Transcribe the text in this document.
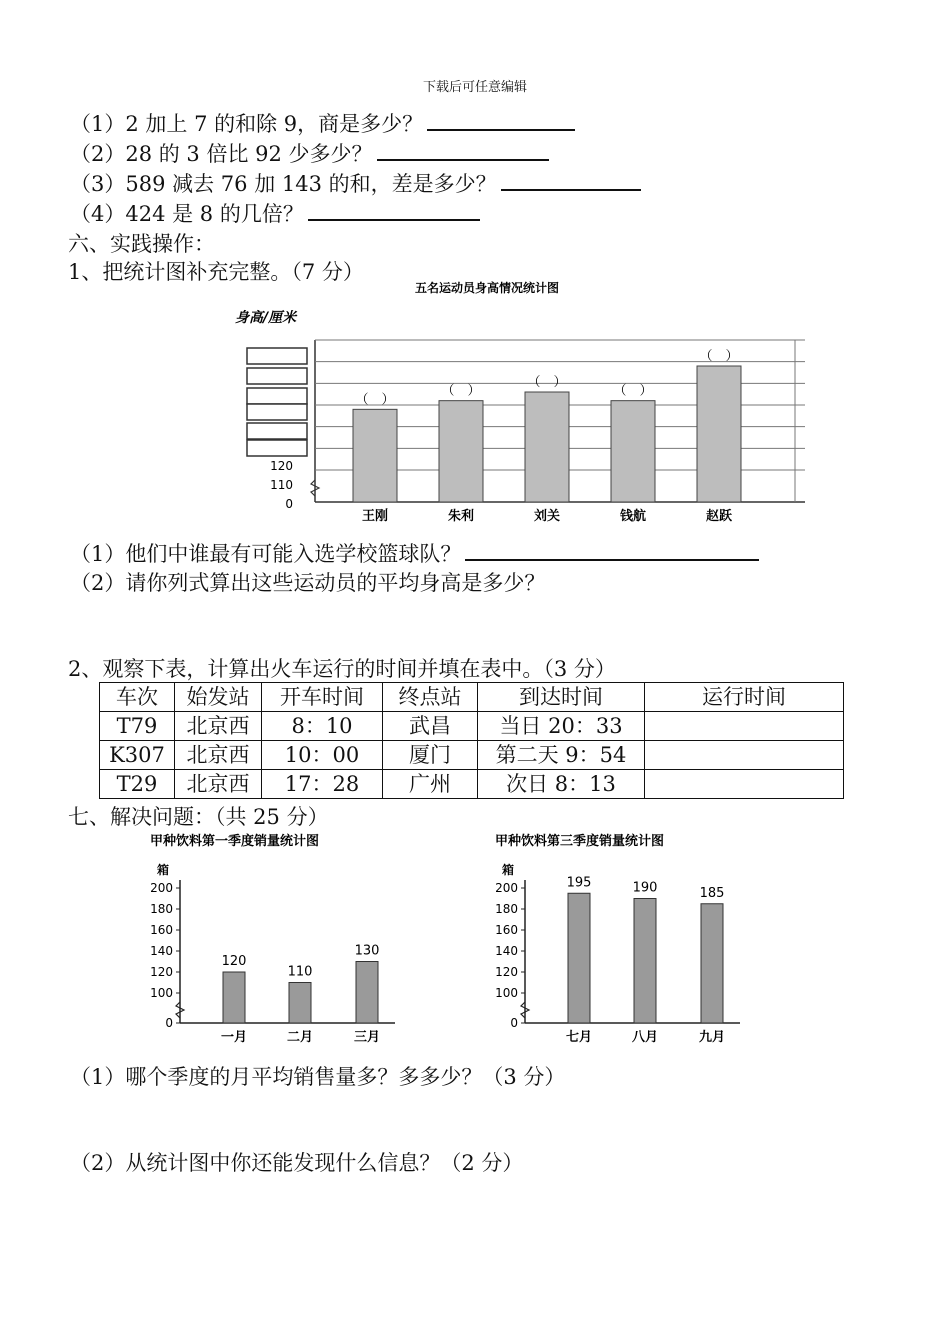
下载后可任意编辑
（1）2 加上 7 的和除 9，商是多少？
（2）28 的 3 倍比 92 少多少？
（3）589 减去 76 加 143 的和，差是多少？
（4）424 是 8 的几倍？
六、实践操作：
1、把统计图补充完整。（7 分）
五名运动员身高情况统计图
身高/厘米
120
110
0
（　）
王刚
（　）
朱利
（　）
刘关
（　）
钱航
（　）
赵跃
（1）他们中谁最有可能入选学校篮球队？
（2）请你列式算出这些运动员的平均身高是多少？
2、观察下表，计算出火车运行的时间并填在表中。（3 分）
车次	始发站	开车时间	终点站	到达时间	运行时间
T79	北京西	8：10	武昌	当日 20：33	
K307	北京西	10：00	厦门	第二天 9：54	
T29	北京西	17：28	广州	次日 8：13	
七、解决问题：（共 25 分）
甲种饮料第一季度销量统计图
箱
0
100
120
140
160
180
200
120
一月
110
二月
130
三月
甲种饮料第三季度销量统计图
箱
0
100
120
140
160
180
200	195
七月
190
八月
185
九月
（1）哪个季度的月平均销售量多？多多少？（3 分）
（2）从统计图中你还能发现什么信息？（2 分）
